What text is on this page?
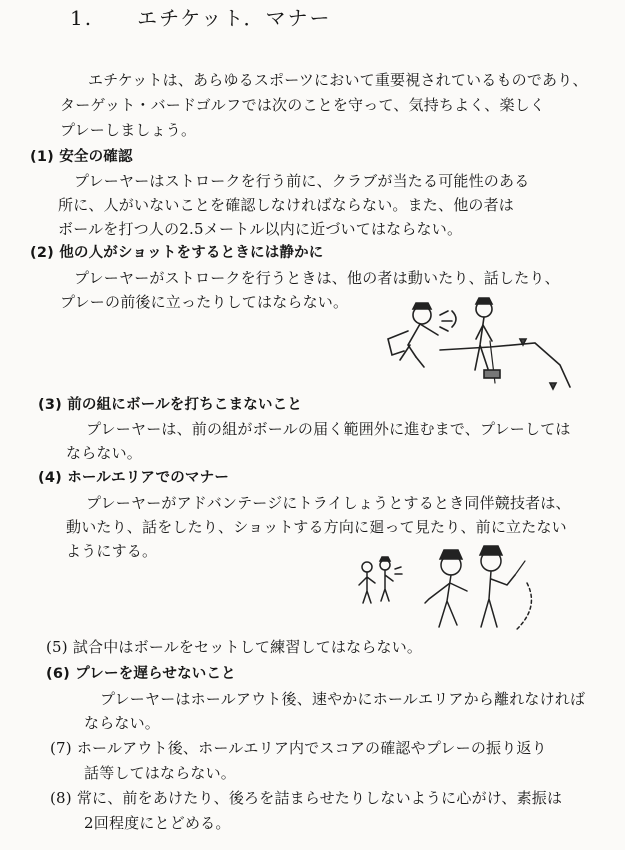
1.　　エチケット．マナー
エチケットは、あらゆるスポーツにおいて重要視されているものであり、
ターゲット・バードゴルフでは次のことを守って、気持ちよく、楽しく
プレーしましょう。
(1) 安全の確認
プレーヤーはストロークを行う前に、クラブが当たる可能性のある
所に、人がいないことを確認しなければならない。また、他の者は
ボールを打つ人の2.5メートル以内に近づいてはならない。
(2) 他の人がショットをするときには静かに
プレーヤーがストロークを行うときは、他の者は動いたり、話したり、
プレーの前後に立ったりしてはならない。
(3) 前の組にボールを打ちこまないこと
プレーヤーは、前の組がボールの届く範囲外に進むまで、プレーしては
ならない。
(4) ホールエリアでのマナー
プレーヤーがアドバンテージにトライしょうとするとき同伴競技者は、
動いたり、話をしたり、ショットする方向に廻って見たり、前に立たない
ようにする。
(5) 試合中はボールをセットして練習してはならない。
(6) プレーを遅らせないこと
プレーヤーはホールアウト後、速やかにホールエリアから離れなければ
ならない。
(7) ホールアウト後、ホールエリア内でスコアの確認やプレーの振り返り
話等してはならない。
(8) 常に、前をあけたり、後ろを詰まらせたりしないように心がけ、素振は
2回程度にとどめる。
